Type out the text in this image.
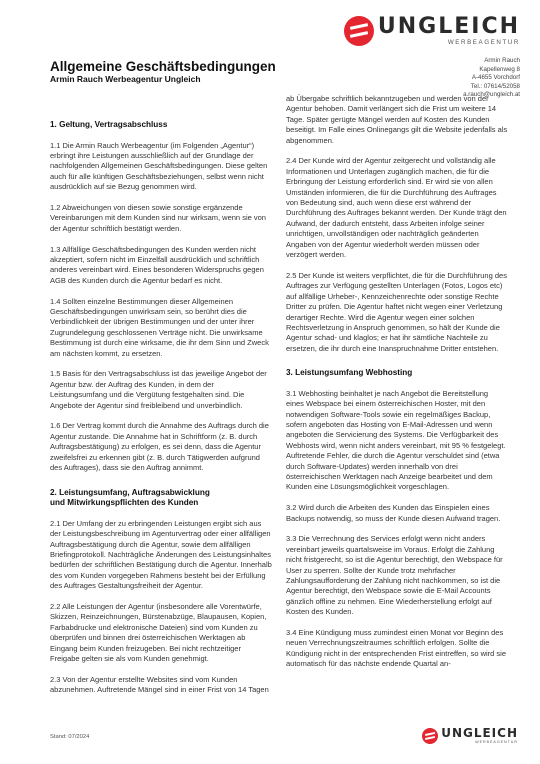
UNGLEICH
WERBEAGENTUR
Armin Rauch
Kapellenweg 8
A-4655 Vorchdorf
Tel.: 07614/52058
a.rauch@ungleich.at
Allgemeine Geschäftsbedingungen
Armin Rauch Werbeagentur Ungleich
1. Geltung, Vertragsabschluss

1.1 Die Armin Rauch Werbeagentur (im Folgenden „Agentur“) erbringt ihre Leistungen ausschließlich auf der Grundlage der nachfolgenden Allgemeinen Geschäftsbedingungen. Diese gelten auch für alle künftigen Geschäftsbeziehungen, selbst wenn nicht ausdrücklich auf sie Bezug genommen wird.

1.2 Abweichungen von diesen sowie sonstige ergänzende Vereinbarungen mit dem Kunden sind nur wirksam, wenn sie von der Agentur schriftlich bestätigt werden.

1.3 Allfällige Geschäftsbedingungen des Kunden werden nicht akzeptiert, sofern nicht im Einzelfall ausdrücklich und schriftlich anderes vereinbart wird. Eines besonderen Widerspruchs gegen AGB des Kunden durch die Agentur bedarf es nicht.

1.4 Sollten einzelne Bestimmungen dieser Allgemeinen Geschäftsbedingungen unwirksam sein, so berührt dies die Verbindlichkeit der übrigen Bestimmungen und der unter ihrer Zugrundelegung geschlossenen Verträge nicht. Die unwirksame Bestimmung ist durch eine wirksame, die ihr dem Sinn und Zweck am nächsten kommt, zu ersetzen.

1.5 Basis für den Vertragsabschluss ist das jeweilige Angebot der Agentur bzw. der Auftrag des Kunden, in dem der Leistungsumfang und die Vergütung festgehalten sind. Die Angebote der Agentur sind freibleibend und unverbindlich.

1.6 Der Vertrag kommt durch die Annahme des Auftrags durch die Agentur zustande. Die Annahme hat in Schriftform (z. B. durch Auftragsbestätigung) zu erfolgen, es sei denn, dass die Agentur zweifelsfrei zu erkennen gibt (z. B. durch Tätigwerden aufgrund des Auftrages), dass sie den Auftrag annimmt.

2. Leistungsumfang, Auftragsabwicklung
und Mitwirkungspflichten des Kunden

2.1 Der Umfang der zu erbringenden Leistungen ergibt sich aus der Leistungsbeschreibung im Agenturvertrag oder einer allfälligen Auftragsbestätigung durch die Agentur, sowie dem allfälligen Briefingprotokoll. Nachträgliche Änderungen des Leistungsinhaltes bedürfen der schriftlichen Bestätigung durch die Agentur. Innerhalb des vom Kunden vorgegeben Rahmens besteht bei der Erfüllung des Auftrages Gestaltungsfreiheit der Agentur.

2.2 Alle Leistungen der Agentur (insbesondere alle Vorentwürfe, Skizzen, Reinzeichnungen, Bürstenabzüge, Blaupausen, Kopien, Farbabdrucke und elektronische Dateien) sind vom Kunden zu überprüfen und binnen drei österreichischen Werktagen ab Eingang beim Kunden freizugeben. Bei nicht rechtzeitiger Freigabe gelten sie als vom Kunden genehmigt.

2.3 Von der Agentur erstellte Websites sind vom Kunden abzunehmen. Auftretende Mängel sind in einer Frist von 14 Tagen

ab Übergabe schriftlich bekanntzugeben und werden von der Agentur behoben. Damit verlängert sich die Frist um weitere 14 Tage. Später gerügte Mängel werden auf Kosten des Kunden beseitigt. Im Falle eines Onlinegangs gilt die Website jedenfalls als abgenommen.

2.4 Der Kunde wird der Agentur zeitgerecht und vollständig alle Informationen und Unterlagen zugänglich machen, die für die Erbringung der Leistung erforderlich sind. Er wird sie von allen Umständen informieren, die für die Durchführung des Auftrages von Bedeutung sind, auch wenn diese erst während der Durchführung des Auftrages bekannt werden. Der Kunde trägt den Aufwand, der dadurch entsteht, dass Arbeiten infolge seiner unrichtigen, unvollständigen oder nachträglich geänderten Angaben von der Agentur wiederholt werden müssen oder verzögert werden.

2.5 Der Kunde ist weiters verpflichtet, die für die Durchführung des Auftrages zur Verfügung gestellten Unterlagen (Fotos, Logos etc) auf allfällige Urheber-, Kennzeichenrechte oder sonstige Rechte Dritter zu prüfen. Die Agentur haftet nicht wegen einer Verletzung derartiger Rechte. Wird die Agentur wegen einer solchen Rechtsverletzung in Anspruch genommen, so hält der Kunde die Agentur schad- und klaglos; er hat ihr sämtliche Nachteile zu ersetzen, die ihr durch eine Inanspruchnahme Dritter entstehen.

3. Leistungsumfang Webhosting

3.1 Webhosting beinhaltet je nach Angebot die Bereitstellung eines Webspace bei einem österreichischen Hoster, mit den notwendigen Software-Tools sowie ein regelmäßiges Backup, sofern angeboten das Hosting von E-Mail-Adressen und wenn angeboten die Servicierung des Systems. Die Verfügbarkeit des Webhosts wird, wenn nicht anders vereinbart, mit 95 % festgelegt. Auftretende Fehler, die durch die Agentur verschuldet sind (etwa durch Software-Updates) werden innerhalb von drei österreichischen Werktagen nach Anzeige bearbeitet und dem Kunden eine Lösungsmöglichkeit vorgeschlagen.

3.2 Wird durch die Arbeiten des Kunden das Einspielen eines Backups notwendig, so muss der Kunde diesen Aufwand tragen.

3.3 Die Verrechnung des Services erfolgt wenn nicht anders vereinbart jeweils quartalsweise im Voraus. Erfolgt die Zahlung nicht fristgerecht, so ist die Agentur berechtigt, den Webspace für User zu sperren. Sollte der Kunde trotz mehrfacher Zahlungsaufforderung der Zahlung nicht nachkommen, so ist die Agentur berechtigt, den Webspace sowie die E-Mail Accounts gänzlich offline zu nehmen. Eine Wiederherstellung erfolgt auf Kosten des Kunden.

3.4 Eine Kündigung muss zumindest einen Monat vor Beginn des neuen Verrechnungszeitraumes schriftlich erfolgen. Sollte die Kündigung nicht in der entsprechenden Frist eintreffen, so wird sie automatisch für das nächste endende Quartal an-

Stand: 07/2024	UNGLEICH
WERBEAGENTUR
